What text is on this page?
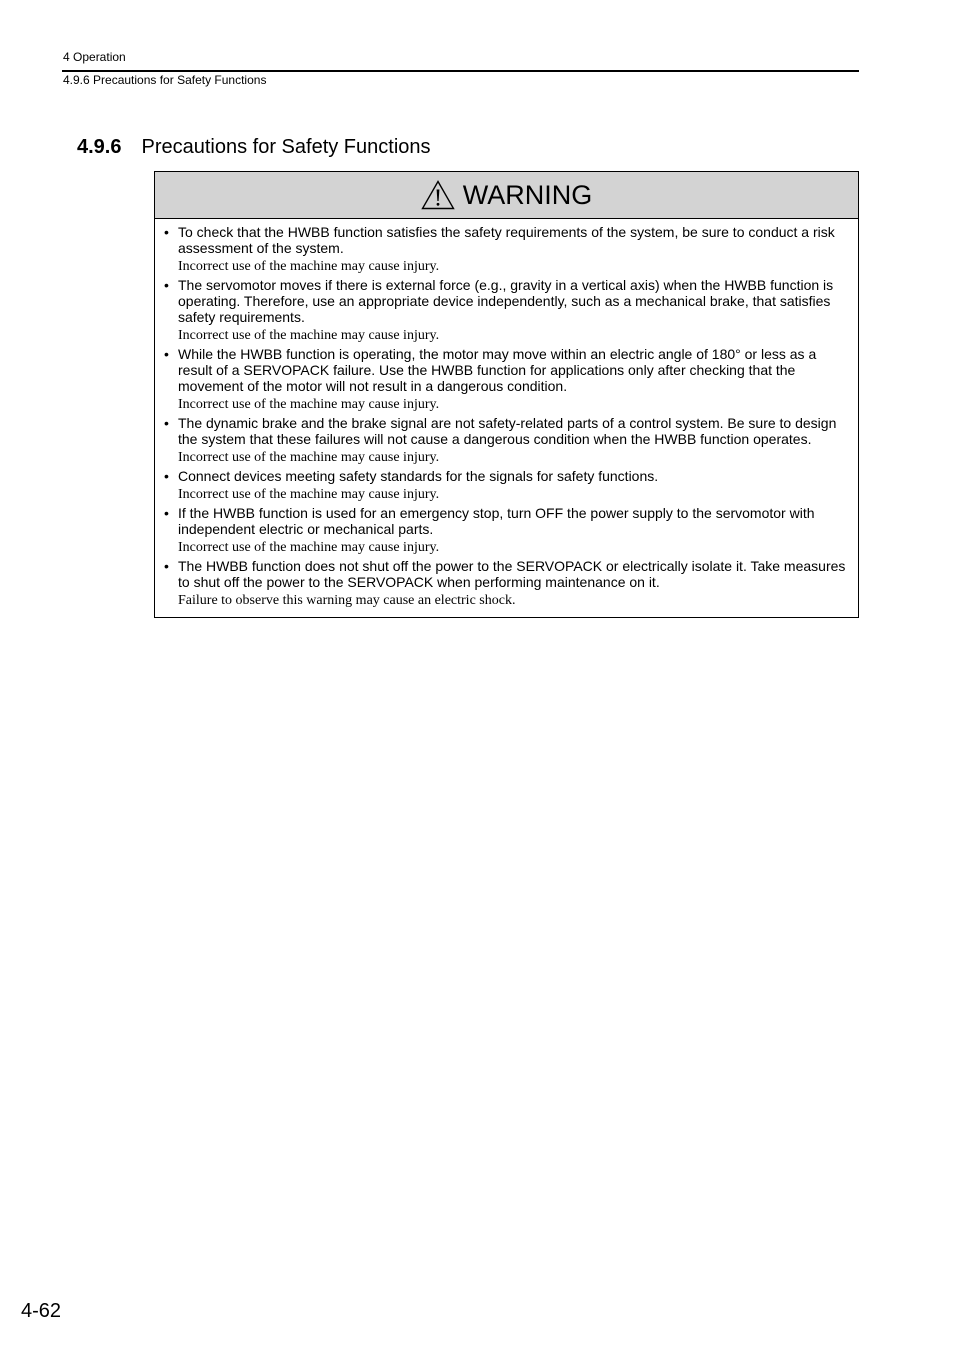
4 Operation
4.9.6 Precautions for Safety Functions
4.9.6 Precautions for Safety Functions
WARNING
• To check that the HWBB function satisfies the safety requirements of the system, be sure to conduct a risk assessment of the system.
Incorrect use of the machine may cause injury.
• The servomotor moves if there is external force (e.g., gravity in a vertical axis) when the HWBB function is operating. Therefore, use an appropriate device independently, such as a mechanical brake, that satisfies safety requirements.
Incorrect use of the machine may cause injury.
• While the HWBB function is operating, the motor may move within an electric angle of 180° or less as a result of a SERVOPACK failure. Use the HWBB function for applications only after checking that the movement of the motor will not result in a dangerous condition.
Incorrect use of the machine may cause injury.
• The dynamic brake and the brake signal are not safety-related parts of a control system. Be sure to design the system that these failures will not cause a dangerous condition when the HWBB function operates.
Incorrect use of the machine may cause injury.
• Connect devices meeting safety standards for the signals for safety functions.
Incorrect use of the machine may cause injury.
• If the HWBB function is used for an emergency stop, turn OFF the power supply to the servomotor with independent electric or mechanical parts.
Incorrect use of the machine may cause injury.
• The HWBB function does not shut off the power to the SERVOPACK or electrically isolate it. Take measures to shut off the power to the SERVOPACK when performing maintenance on it.
Failure to observe this warning may cause an electric shock.
4-62
